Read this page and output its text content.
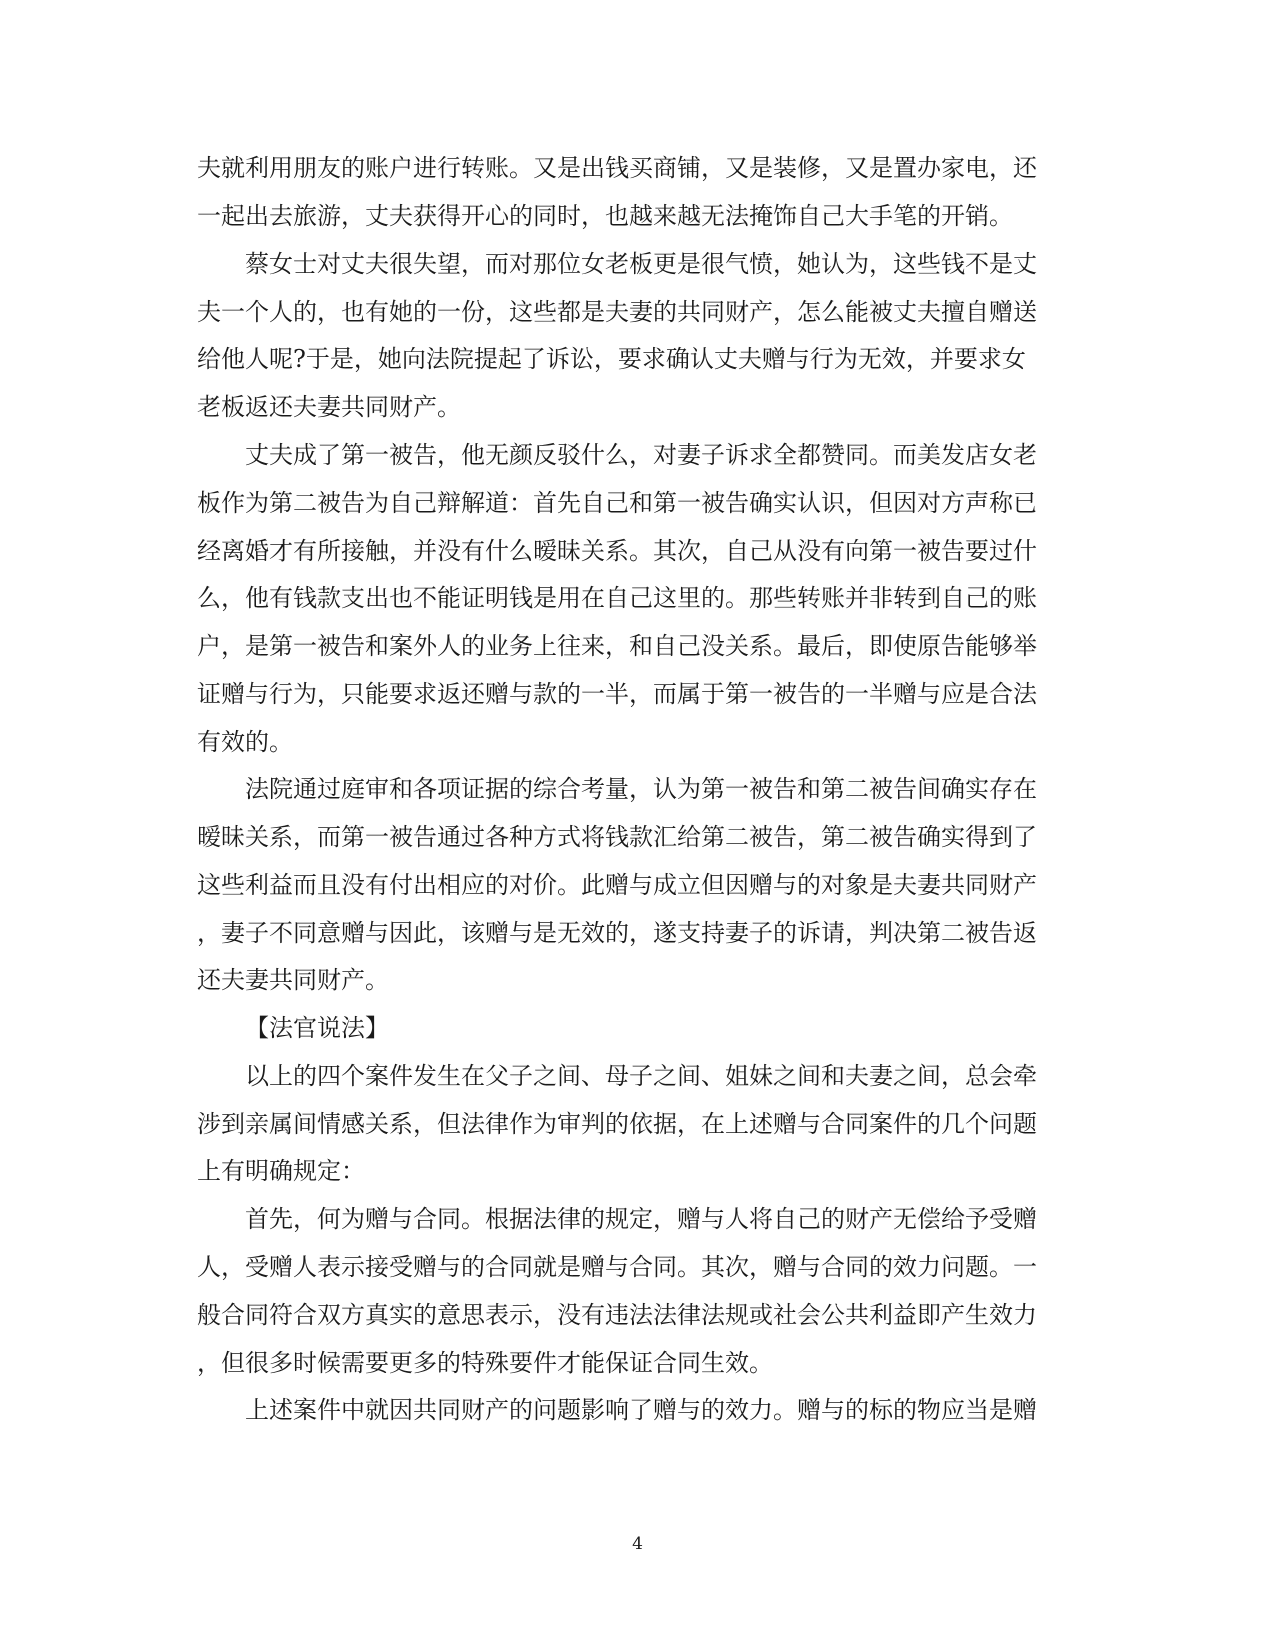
夫就利用朋友的账户进行转账。又是出钱买商铺，又是装修，又是置办家电，还

一起出去旅游，丈夫获得开心的同时，也越来越无法掩饰自己大手笔的开销。

蔡女士对丈夫很失望，而对那位女老板更是很气愤，她认为，这些钱不是丈

夫一个人的，也有她的一份，这些都是夫妻的共同财产，怎么能被丈夫擅自赠送

给他人呢?于是，她向法院提起了诉讼，要求确认丈夫赠与行为无效，并要求女

老板返还夫妻共同财产。

丈夫成了第一被告，他无颜反驳什么，对妻子诉求全都赞同。而美发店女老

板作为第二被告为自己辩解道：首先自己和第一被告确实认识，但因对方声称已

经离婚才有所接触，并没有什么暧昧关系。其次，自己从没有向第一被告要过什

么，他有钱款支出也不能证明钱是用在自己这里的。那些转账并非转到自己的账

户，是第一被告和案外人的业务上往来，和自己没关系。最后，即使原告能够举

证赠与行为，只能要求返还赠与款的一半，而属于第一被告的一半赠与应是合法

有效的。

法院通过庭审和各项证据的综合考量，认为第一被告和第二被告间确实存在

暧昧关系，而第一被告通过各种方式将钱款汇给第二被告，第二被告确实得到了

这些利益而且没有付出相应的对价。此赠与成立但因赠与的对象是夫妻共同财产

，妻子不同意赠与因此，该赠与是无效的，遂支持妻子的诉请，判决第二被告返

还夫妻共同财产。

【法官说法】

以上的四个案件发生在父子之间、母子之间、姐妹之间和夫妻之间，总会牵

涉到亲属间情感关系，但法律作为审判的依据，在上述赠与合同案件的几个问题

上有明确规定：

首先，何为赠与合同。根据法律的规定，赠与人将自己的财产无偿给予受赠

人，受赠人表示接受赠与的合同就是赠与合同。其次，赠与合同的效力问题。一

般合同符合双方真实的意思表示，没有违法法律法规或社会公共利益即产生效力

，但很多时候需要更多的特殊要件才能保证合同生效。

上述案件中就因共同财产的问题影响了赠与的效力。赠与的标的物应当是赠

4
